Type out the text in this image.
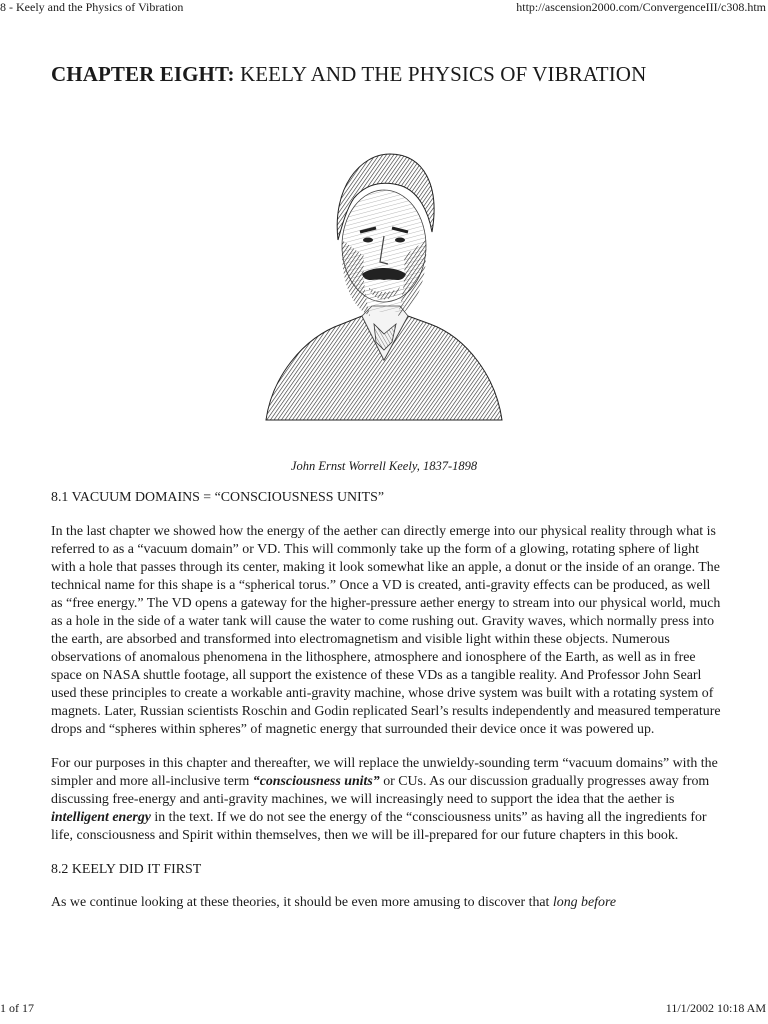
8 - Keely and the Physics of Vibration	http://ascension2000.com/ConvergenceIII/c308.htm
CHAPTER EIGHT: KEELY AND THE PHYSICS OF VIBRATION
John Ernst Worrell Keely, 1837-1898
8.1 VACUUM DOMAINS = “CONSCIOUSNESS UNITS”

In the last chapter we showed how the energy of the aether can directly emerge into our physical reality through what is referred to as a “vacuum domain” or VD. This will commonly take up the form of a glowing, rotating sphere of light with a hole that passes through its center, making it look somewhat like an apple, a donut or the inside of an orange. The technical name for this shape is a “spherical torus.” Once a VD is created, anti-gravity effects can be produced, as well as “free energy.” The VD opens a gateway for the higher-pressure aether energy to stream into our physical world, much as a hole in the side of a water tank will cause the water to come rushing out. Gravity waves, which normally press into the earth, are absorbed and transformed into electromagnetism and visible light within these objects. Numerous observations of anomalous phenomena in the lithosphere, atmosphere and ionosphere of the Earth, as well as in free space on NASA shuttle footage, all support the existence of these VDs as a tangible reality. And Professor John Searl used these principles to create a workable anti-gravity machine, whose drive system was built with a rotating system of magnets. Later, Russian scientists Roschin and Godin replicated Searl’s results independently and measured temperature drops and “spheres within spheres” of magnetic energy that surrounded their device once it was powered up.

For our purposes in this chapter and thereafter, we will replace the unwieldy-sounding term “vacuum domains” with the simpler and more all-inclusive term “consciousness units” or CUs. As our discussion gradually progresses away from discussing free-energy and anti-gravity machines, we will increasingly need to support the idea that the aether is intelligent energy in the text. If we do not see the energy of the “consciousness units” as having all the ingredients for life, consciousness and Spirit within themselves, then we will be ill-prepared for our future chapters in this book.

8.2 KEELY DID IT FIRST

As we continue looking at these theories, it should be even more amusing to discover that long before

1 of 17	11/1/2002 10:18 AM
